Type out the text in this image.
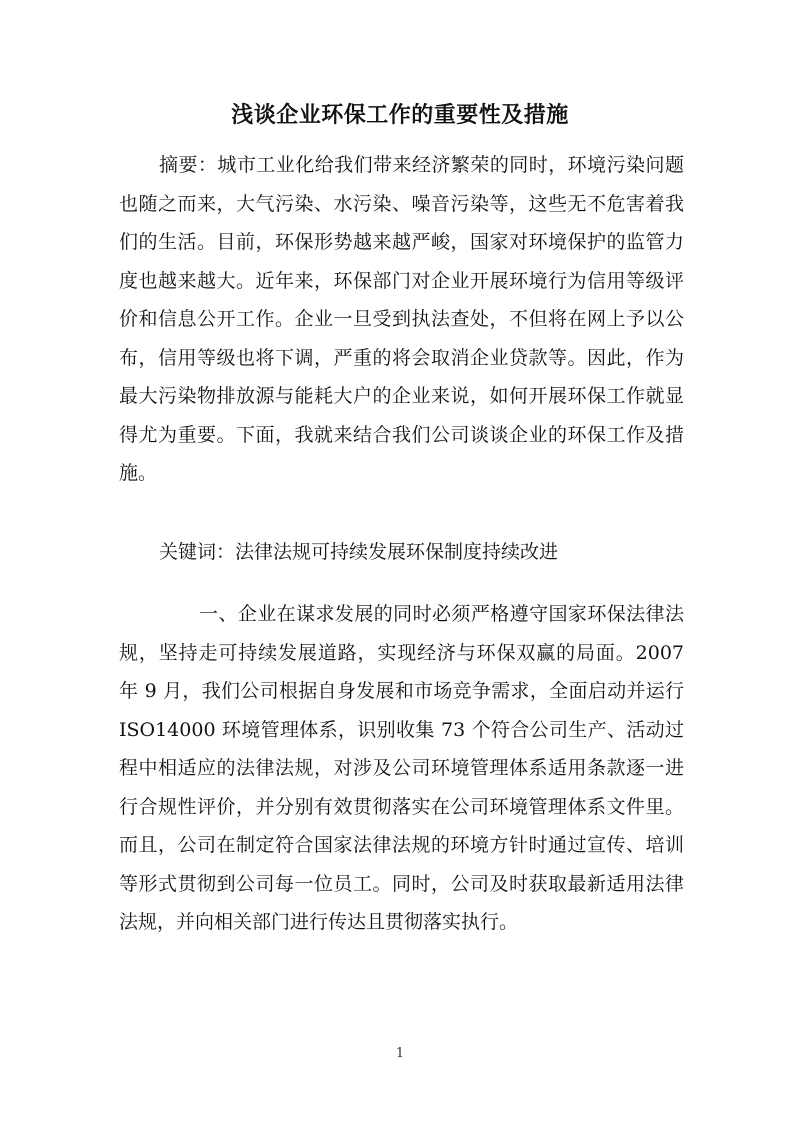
浅谈企业环保工作的重要性及措施

摘要：城市工业化给我们带来经济繁荣的同时，环境污染问题也随之而来，大气污染、水污染、噪音污染等，这些无不危害着我们的生活。目前，环保形势越来越严峻，国家对环境保护的监管力度也越来越大。近年来，环保部门对企业开展环境行为信用等级评价和信息公开工作。企业一旦受到执法查处，不但将在网上予以公布，信用等级也将下调，严重的将会取消企业贷款等。因此，作为最大污染物排放源与能耗大户的企业来说，如何开展环保工作就显得尤为重要。下面，我就来结合我们公司谈谈企业的环保工作及措施。

关键词：法律法规可持续发展环保制度持续改进

一、企业在谋求发展的同时必须严格遵守国家环保法律法规，坚持走可持续发展道路，实现经济与环保双赢的局面。2007 年 9 月，我们公司根据自身发展和市场竞争需求，全面启动并运行 ISO14000 环境管理体系，识别收集 73 个符合公司生产、活动过程中相适应的法律法规，对涉及公司环境管理体系适用条款逐一进行合规性评价，并分别有效贯彻落实在公司环境管理体系文件里。而且，公司在制定符合国家法律法规的环境方针时通过宣传、培训等形式贯彻到公司每一位员工。同时，公司及时获取最新适用法律法规，并向相关部门进行传达且贯彻落实执行。

1
